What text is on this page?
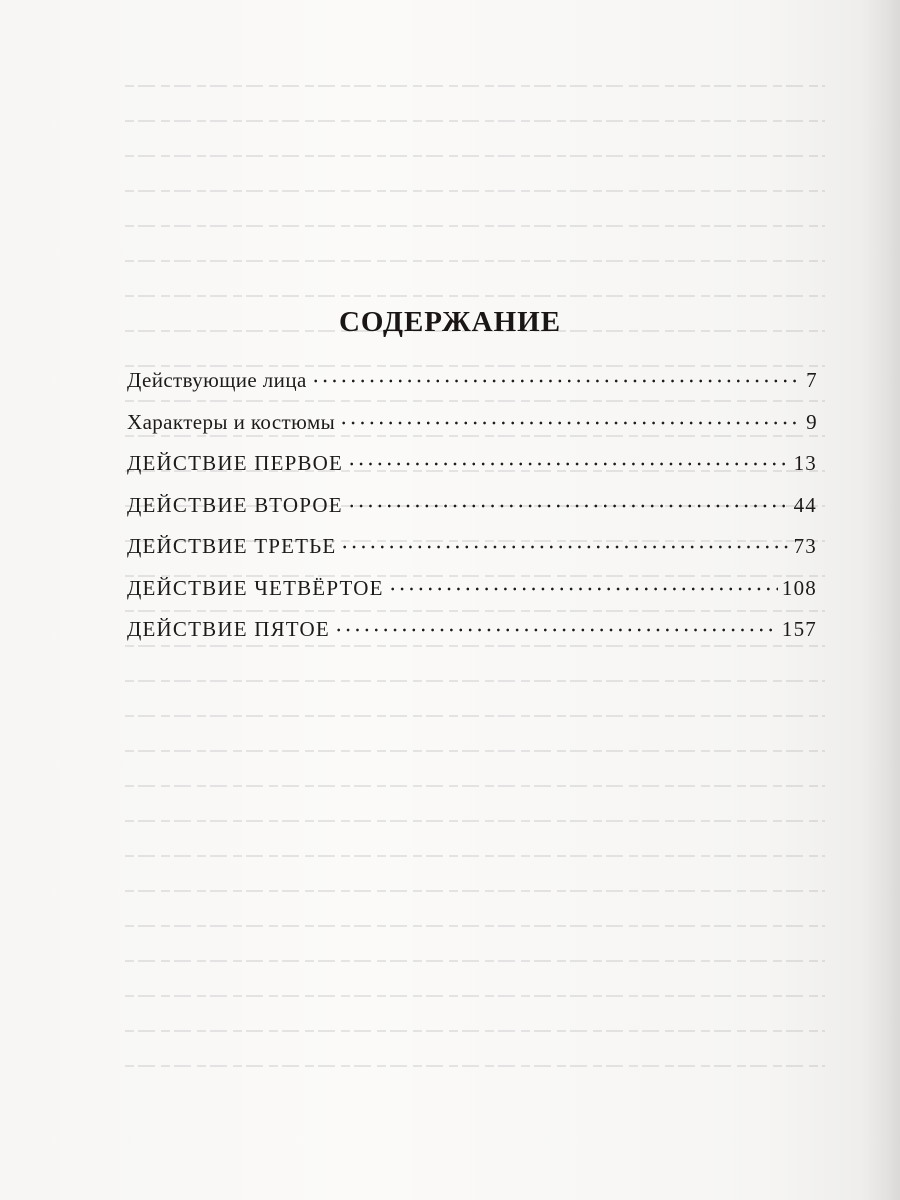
СОДЕРЖАНИЕ
Действующие лица	7
Характеры и костюмы	9
ДЕЙСТВИЕ ПЕРВОЕ	13
ДЕЙСТВИЕ ВТОРОЕ	44
ДЕЙСТВИЕ ТРЕТЬЕ	73
ДЕЙСТВИЕ ЧЕТВЁРТОЕ	108
ДЕЙСТВИЕ ПЯТОЕ	157
